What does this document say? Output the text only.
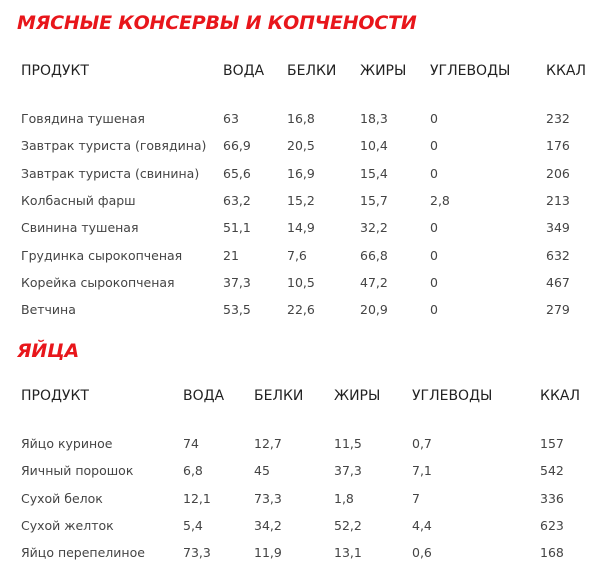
МЯСНЫЕ КОНСЕРВЫ И КОПЧЕНОСТИ
ПРОДУКТ	ВОДА	БЕЛКИ	ЖИРЫ	УГЛЕВОДЫ	ККАЛ

Говядина тушеная	63	16,8	18,3	0	232
Завтрак туриста (говядина)	66,9	20,5	10,4	0	176
Завтрак туриста (свинина)	65,6	16,9	15,4	0	206
Колбасный фарш	63,2	15,2	15,7	2,8	213
Свинина тушеная	51,1	14,9	32,2	0	349
Грудинка сырокопченая	21	7,6	66,8	0	632
Корейка сырокопченая	37,3	10,5	47,2	0	467
Ветчина	53,5	22,6	20,9	0	279
ЯЙЦА
ПРОДУКТ	ВОДА	БЕЛКИ	ЖИРЫ	УГЛЕВОДЫ	ККАЛ

Яйцо куриное	74	12,7	11,5	0,7	157
Яичный порошок	6,8	45	37,3	7,1	542
Сухой белок	12,1	73,3	1,8	7	336
Сухой желток	5,4	34,2	52,2	4,4	623
Яйцо перепелиное	73,3	11,9	13,1	0,6	168
